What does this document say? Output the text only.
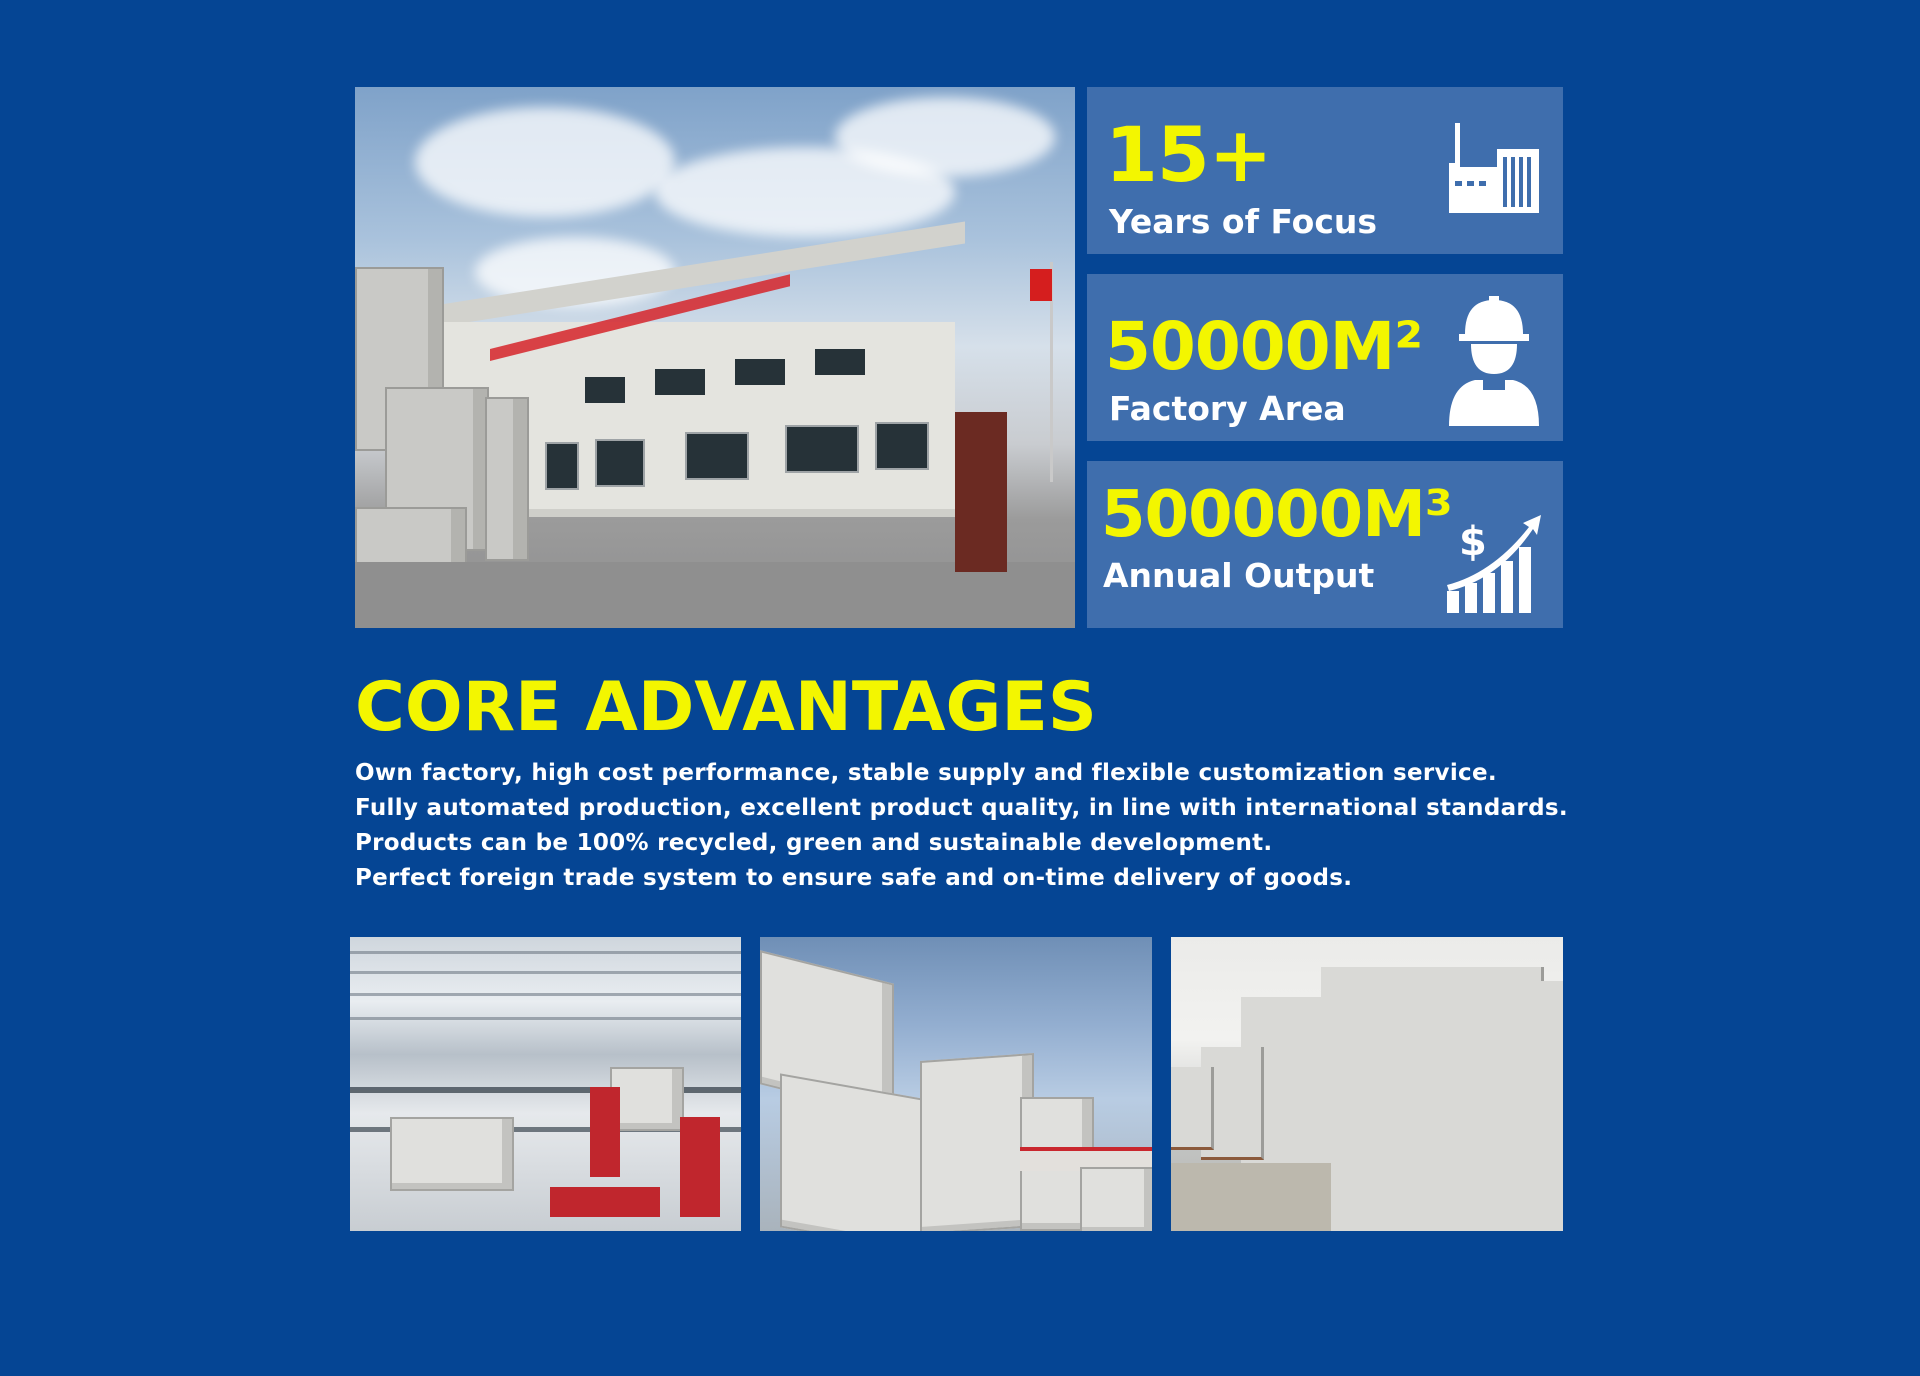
15+
Years of Focus
50000M²
Factory Area
500000M³
Annual Output
$
CORE ADVANTAGES
Own factory, high cost performance, stable supply and flexible customization service.
Fully automated production, excellent product quality, in line with international standards.
Products can be 100% recycled, green and sustainable development.
Perfect foreign trade system to ensure safe and on-time delivery of goods.
